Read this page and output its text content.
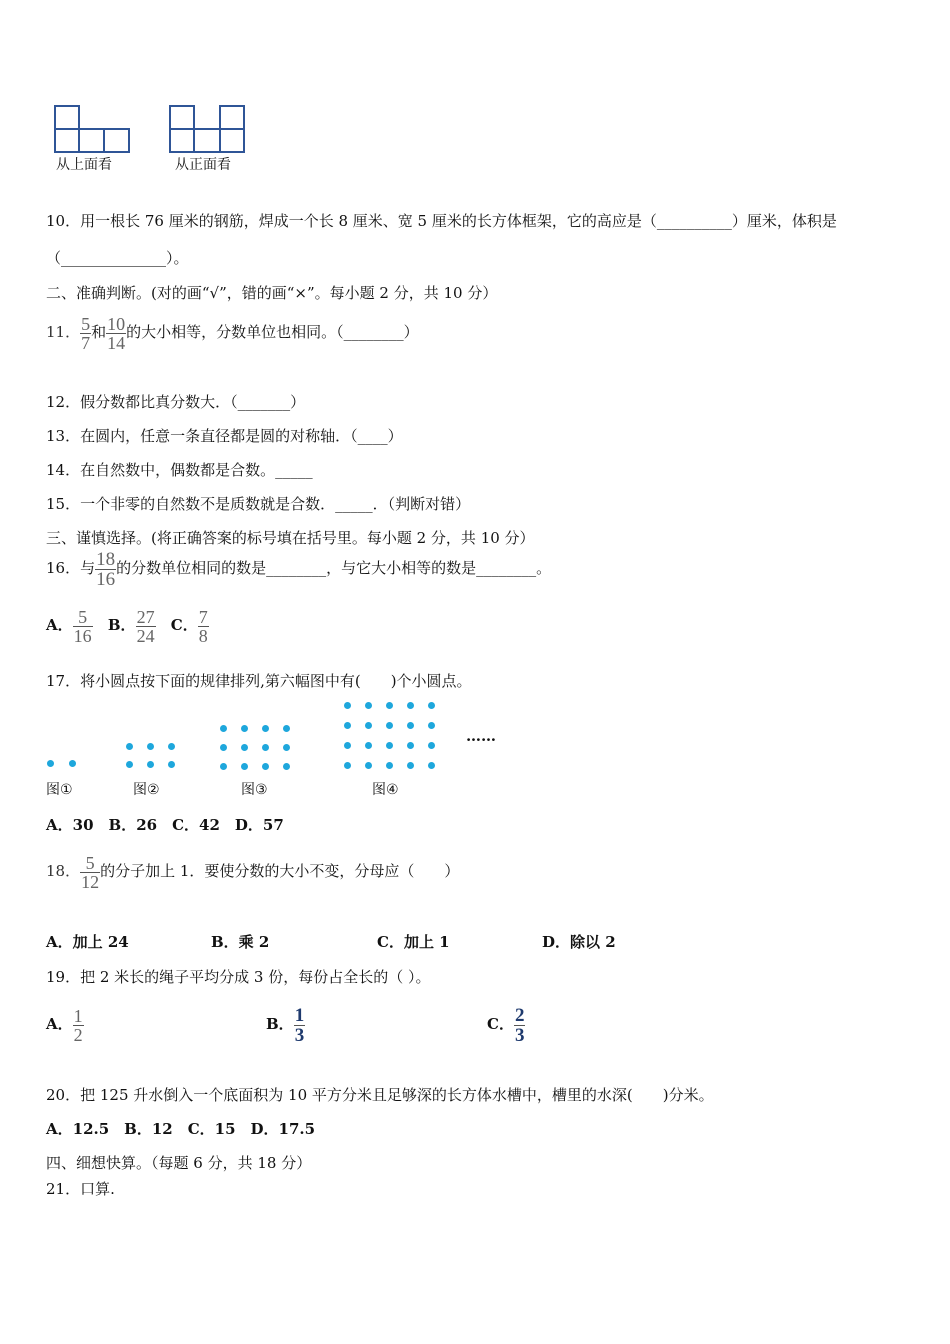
从上面看	从正面看
10．用一根长 76 厘米的钢筋，焊成一个长 8 厘米、宽 5 厘米的长方体框架，它的高应是（__________）厘米，体积是
（______________）。
二、准确判断。(对的画“√”，错的画“×”。每小题 2 分，共 10 分）
11． $\frac{5}{7}$ 和 $\frac{10}{14}$ 的大小相等，分数单位也相同。（________）
12．假分数都比真分数大．（_______）
13．在圆内，任意一条直径都是圆的对称轴．（____）
14．在自然数中，偶数都是合数。_____
15．一个非零的自然数不是质数就是合数．_____．（判断对错）
三、谨慎选择。(将正确答案的标号填在括号里。每小题 2 分，共 10 分）
16．与 $\frac{18}{16}$ 的分数单位相同的数是________，与它大小相等的数是________。
A． $\frac{5}{16}$ B． $\frac{27}{24}$ C． $\frac{7}{8}$
17．将小圆点按下面的规律排列,第六幅图中有(　　)个小圆点。
……
图①	图②	图③	图④
A．30　B．26　C．42　D．57
18． $\frac{5}{12}$ 的分子加上 1．要使分数的大小不变，分母应（　　）
A．加上 24	B．乘 2	C．加上 1	D．除以 2
19．把 2 米长的绳子平均分成 3 份，每份占全长的（ ）。
A． $\frac{1}{2}$	B． $\frac{1}{3}$	C． $\frac{2}{3}$
20．把 125 升水倒入一个底面积为 10 平方分米且足够深的长方体水槽中，槽里的水深(　　)分米。
A．12.5　B．12　C．15　D．17.5
四、细想快算。（每题 6 分，共 18 分）
21．口算.
